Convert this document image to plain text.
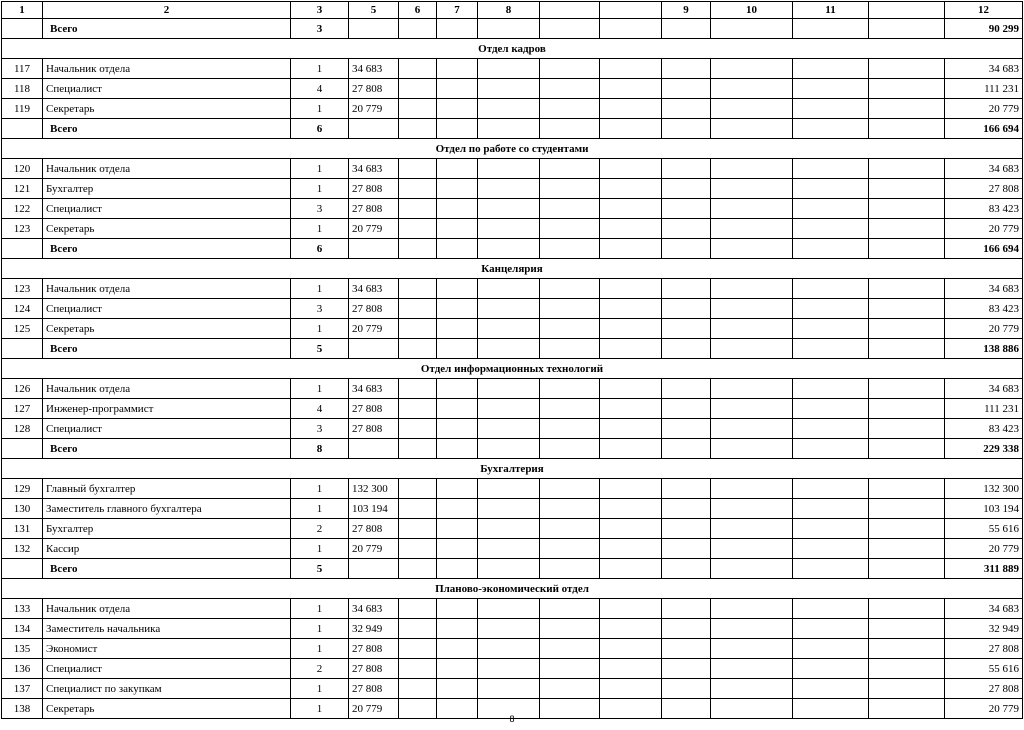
1	2	3	5	6	7	8			9	10	11		12
	Всего	3											90 299
Отдел кадров													
117	Начальник отдела	1	34 683										34 683
118	Специалист	4	27 808										111 231
119	Секретарь	1	20 779										20 779
	Всего	6											166 694
Отдел по работе со студентами													
120	Начальник отдела	1	34 683										34 683
121	Бухгалтер	1	27 808										27 808
122	Специалист	3	27 808										83 423
123	Секретарь	1	20 779										20 779
	Всего	6											166 694
Канцелярия													
123	Начальник отдела	1	34 683										34 683
124	Специалист	3	27 808										83 423
125	Секретарь	1	20 779										20 779
	Всего	5											138 886
Отдел информационных технологий													
126	Начальник отдела	1	34 683										34 683
127	Инженер-программист	4	27 808										111 231
128	Специалист	3	27 808										83 423
	Всего	8											229 338
Бухгалтерия													
129	Главный бухгалтер	1	132 300										132 300
130	Заместитель главного бухгалтера	1	103 194										103 194
131	Бухгалтер	2	27 808										55 616
132	Кассир	1	20 779										20 779
	Всего	5											311 889
Планово-экономический отдел													
133	Начальник отдела	1	34 683										34 683
134	Заместитель начальника	1	32 949										32 949
135	Экономист	1	27 808										27 808
136	Специалист	2	27 808										55 616
137	Специалист по закупкам	1	27 808										27 808
138	Секретарь	1	20 779										20 779
8
